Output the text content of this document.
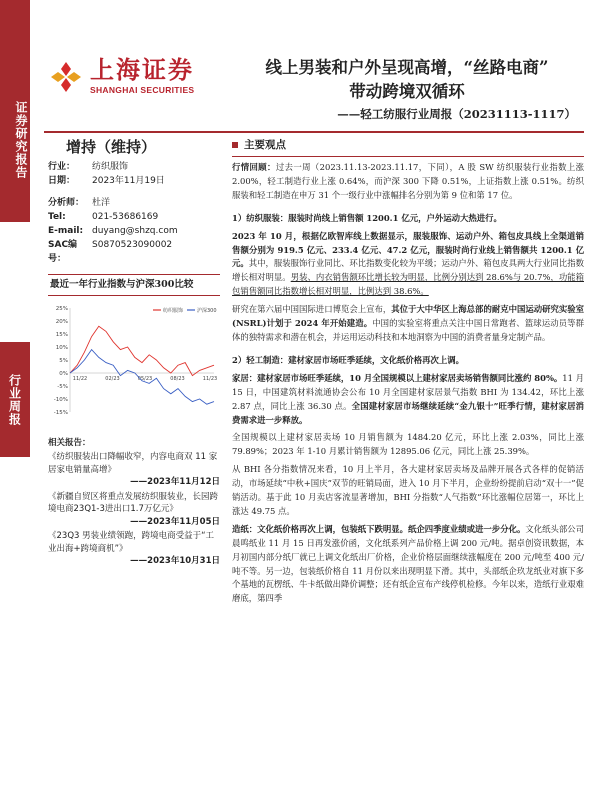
证券研究报告
行业周报
上海证券
SHANGHAI SECURITIES
线上男装和户外呈现高增，“丝路电商”
带动跨境双循环
——轻工纺服行业周报（20231113-1117）
增持（维持）
行业：	纺织服饰
日期：	2023年11月19日
分析师： 杜洋
Tel:	021-53686169
E-mail: duyang@shzq.com
SAC编号：
S0870523090002
最近一年行业指数与沪深300比较
25%
20%
15%
10%
5%
0%
-5%
-10%
-15%
11/22	02/23	05/23	08/23	11/23
纺织服饰	沪深300
相关报告：
《纺织服装出口降幅收窄，内容电商双 11 家居家电销量高增》
——2023年11月12日
《新疆自贸区将重点发展纺织服装业，长园跨境电商23Q1-3进出口1.7万亿元》
——2023年11月05日
《23Q3 男装业绩领跑，跨境电商受益于“工业出海+跨境商机”》
——2023年10月31日
主要观点
行情回顾：过去一周（2023.11.13-2023.11.17，下同），A 股 SW 纺织服装行业指数上涨 2.00%，轻工制造行业上涨 0.64%，而沪深 300 下降 0.51%，上证指数上涨 0.51%。纺织服装和轻工制造在申万 31 个一级行业中涨幅排名分别为第 9 位和第 17 位。
1）纺织服装：服装时尚线上销售额 1200.1 亿元，户外运动大热进行。
2023 年 10 月，根据亿欧智库线上数据显示，服装服饰、运动户外、箱包皮具线上全渠道销售额分别为 919.5 亿元、233.4 亿元、47.2 亿元，服装时尚行业线上销售额共 1200.1 亿元。其中，服装服饰行业同比、环比指数变化较为平缓；运动户外、箱包皮具两大行业同比指数增长相对明显。男装、内衣销售额环比增长较为明显，比例分别达到 28.6%与 20.7%，功能箱包销售额同比指数增长相对明显，比例达到 38.6%。
研究在第六届中国国际进口博览会上宣布，其位于大中华区上海总部的耐克中国运动研究实验室(NSRL)计划于 2024 年开始建造。中国的实验室将重点关注中国日常跑者、篮球运动员等群体的独特需求和潜在机会，并运用运动科技和本地洞察为中国的消费者量身定制产品。
2）轻工制造：建材家居市场旺季延续，文化纸价格再次上调。
家居：建材家居市场旺季延续，10 月全国规模以上建材家居卖场销售额同比涨约 80%。11 月 15 日，中国建筑材料流通协会公布 10 月全国建材家居景气指数 BHI 为 134.42，环比上涨 2.87 点，同比上涨 36.30 点。全国建材家居市场继续延续“金九银十”旺季行情，建材家居消费需求进一步释放。
全国规模以上建材家居卖场 10 月销售额为 1484.20 亿元，环比上涨 2.03%，同比上涨 79.89%；2023 年 1-10 月累计销售额为 12895.06 亿元，同比上涨 25.39%。
从 BHI 各分指数情况来看，10 月上半月，各大建材家居卖场及品牌开展各式各样的促销活动，市场延续“中秋+国庆”双节的旺销局面，进入 10 月下半月，企业纷纷提前启动“双十一”促销活动。基于此 10 月卖店客流显著增加，BHI 分指数“人气指数”环比涨幅位居第一，环比上涨达 49.75 点。
造纸：文化纸价格再次上调，包装纸下跌明显。纸企四季度业绩或进一步分化。文化纸头部公司晨鸣纸业 11 月 15 日再发涨价函，文化纸系列产品价格上调 200 元/吨。据卓创资讯数据，本月初国内部分纸厂就已上调文化纸出厂价格，企业价格层面继续涨幅度在 200 元/吨至 400 元/吨不等。另一边，包装纸价格自 11 月份以来出现明显下滑。其中，头部纸企玖龙纸业对旗下多个基地的瓦楞纸、牛卡纸做出降价调整；还有纸企宣布产线停机检修。今年以来，造纸行业艰难磨底，第四季
